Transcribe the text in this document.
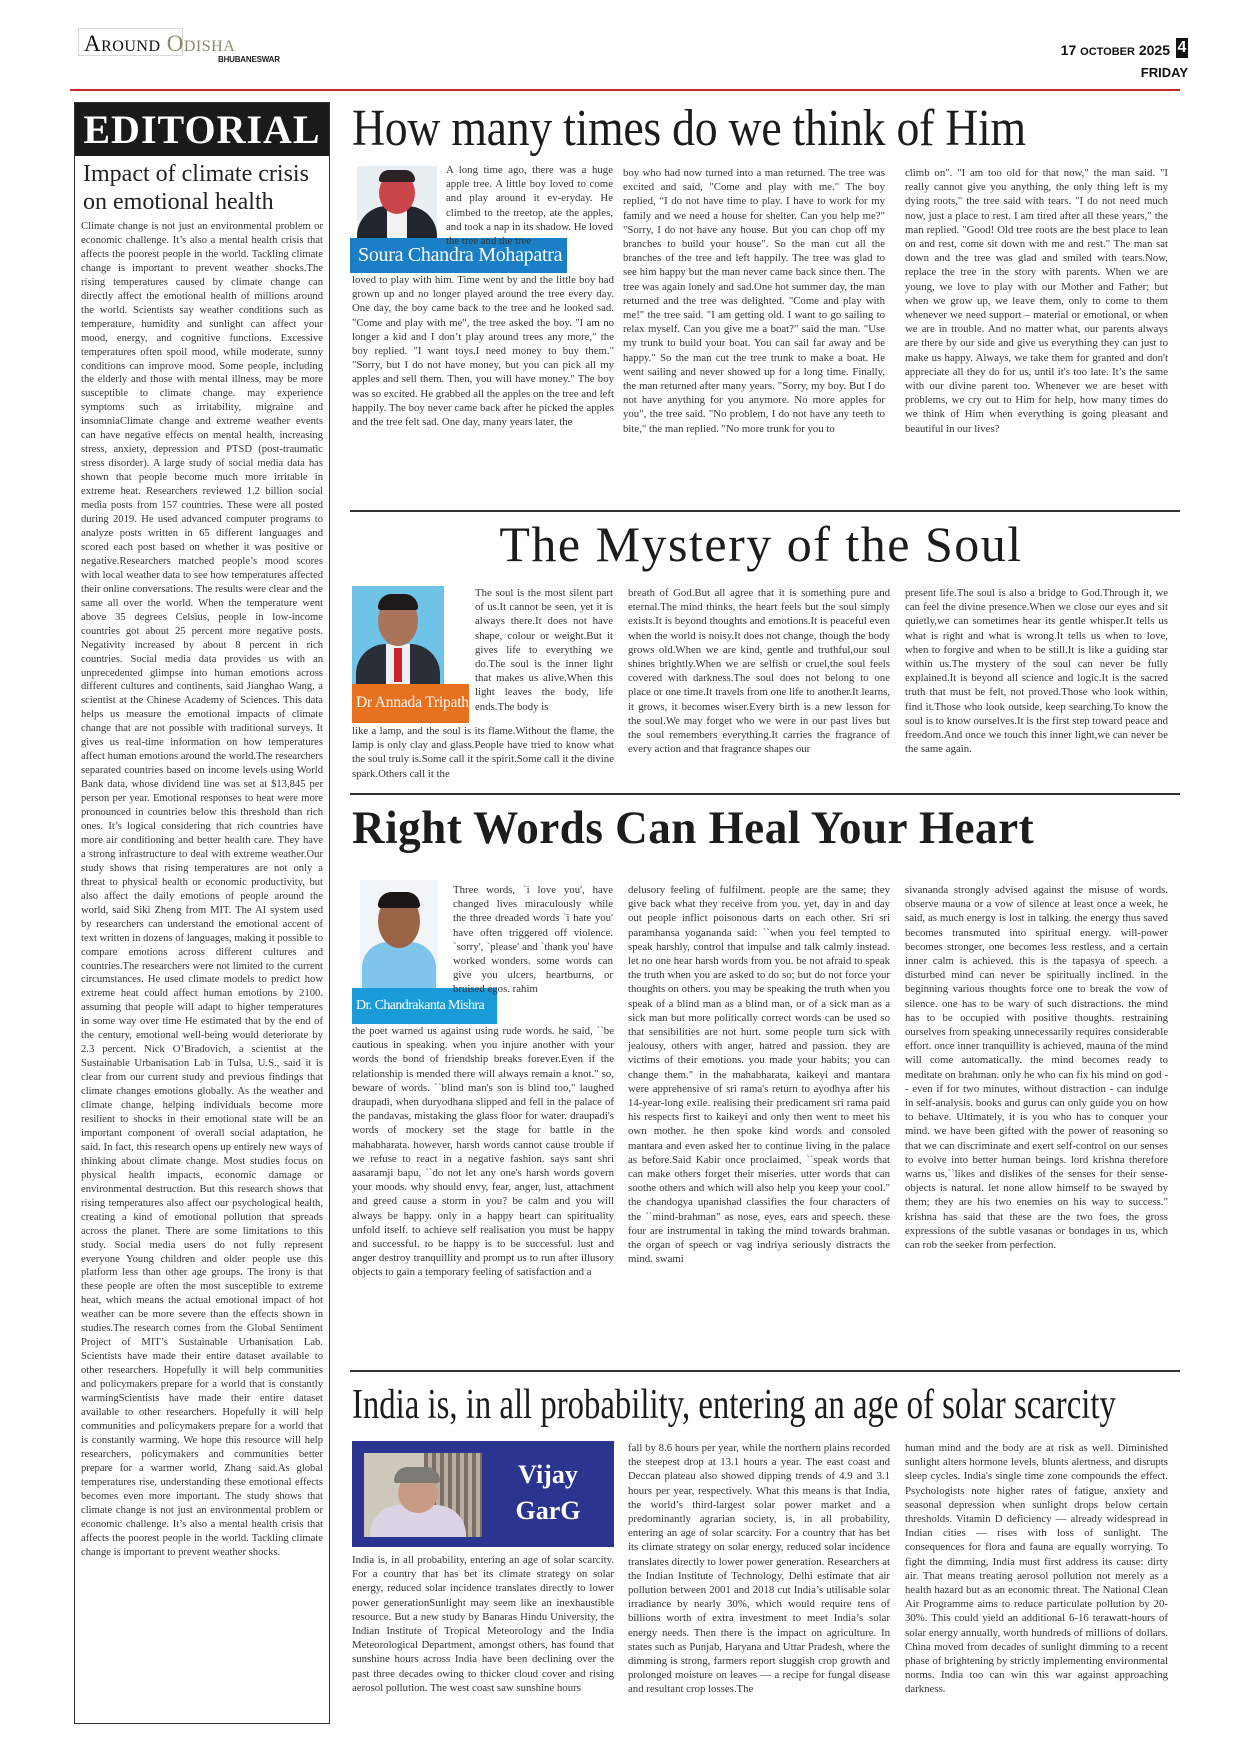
Around Odisha
BHUBANESWAR
17 OCTOBER 2025 4
FRIDAY
EDITORIAL
Impact of climate crisis on emotional health
Climate change is not just an environmental problem or economic challenge. It’s also a mental health crisis that affects the poorest people in the world. Tackling climate change is important to prevent weather shocks.The rising temperatures caused by climate change can directly affect the emotional health of millions around the world. Scientists say weather conditions such as temperature, humidity and sunlight can affect your mood, energy, and cognitive functions. Excessive temperatures often spoil mood, while moderate, sunny conditions can improve mood. Some people, including the elderly and those with mental illness, may be more susceptible to climate change. may experience symptoms such as irritability, migraine and insomniaClimate change and extreme weather events can have negative effects on mental health, increasing stress, anxiety, depression and PTSD (post-traumatic stress disorder). A large study of social media data has shown that people become much more irritable in extreme heat. Researchers reviewed 1.2 billion social media posts from 157 countries. These were all posted during 2019. He used advanced computer programs to analyze posts written in 65 different languages and scored each post based on whether it was positive or negative.Researchers matched people’s mood scores with local weather data to see how temperatures affected their online conversations. The results were clear and the same all over the world. When the temperature went above 35 degrees Celsius, people in low-income countries got about 25 percent more negative posts. Negativity increased by about 8 percent in rich countries. Social media data provides us with an unprecedented glimpse into human emotions across different cultures and continents, said Jianghao Wang, a scientist at the Chinese Academy of Sciences. This data helps us measure the emotional impacts of climate change that are not possible with traditional surveys. It gives us real-time information on how temperatures affect human emotions around the world.The researchers separated countries based on income levels using World Bank data, whose dividend line was set at $13,845 per person per year. Emotional responses to heat were more pronounced in countries below this threshold than rich ones. It’s logical considering that rich countries have more air conditioning and better health care. They have a strong infrastructure to deal with extreme weather.Our study shows that rising temperatures are not only a threat to physical health or economic productivity, but also affect the daily emotions of people around the world, said Siki Zheng from MIT. The AI system used by researchers can understand the emotional accent of text written in dozens of languages, making it possible to compare emotions across different cultures and countries.The researchers were not limited to the current circumstances. He used climate models to predict how extreme heat could affect human emotions by 2100. assuming that people will adapt to higher temperatures in some way over time He estimated that by the end of the century, emotional well-being would deteriorate by 2.3 percent. Nick O’Bradovich, a scientist at the Sustainable Urbanisation Lab in Tulsa, U.S., said it is clear from our current study and previous findings that climate changes emotions globally. As the weather and climate change, helping individuals become more resilient to shocks in their emotional state will be an important component of overall social adaptation, he said. In fact, this research opens up entirely new ways of thinking about climate change. Most studies focus on physical health impacts, economic damage or environmental destruction. But this research shows that rising temperatures also affect our psychological health, creating a kind of emotional pollution that spreads across the planet. There are some limitations to this study. Social media users do not fully represent everyone Young children and older people use this platform less than other age groups. The irony is that these people are often the most susceptible to extreme heat, which means the actual emotional impact of hot weather can be more severe than the effects shown in studies.The research comes from the Global Sentiment Project of MIT’s Sustainable Urbanisation Lab. Scientists have made their entire dataset available to other researchers. Hopefully it will help communities and policymakers prepare for a world that is constantly warmingScientists have made their entire dataset available to other researchers. Hopefully it will help communities and policymakers prepare for a world that is constantly warming. We hope this resource will help researchers, policymakers and communities better prepare for a warmer world, Zhang said.As global temperatures rise, understanding these emotional effects becomes even more important. The study shows that climate change is not just an environmental problem or economic challenge. It’s also a mental health crisis that affects the poorest people in the world. Tackling climate change is important to prevent weather shocks.
How many times do we think of Him
Soura Chandra Mohapatra

A long time ago, there was a huge apple tree. A little boy loved to come and play around it ev-eryday. He climbed to the treetop, ate the apples, and took a nap in its shadow. He loved the tree and the tree

loved to play with him. Time went by and the little boy had grown up and no longer played around the tree every day. One day, the boy came back to the tree and he looked sad. "Come and play with me", the tree asked the boy. "I am no longer a kid and I don’t play around trees any more," the boy replied. "I want toys.I need money to buy them." "Sorry, but I do not have money, but you can pick all my apples and sell them. Then, you will have money." The boy was so excited. He grabbed all the apples on the tree and left happily. The boy never came back after he picked the apples and the tree felt sad. One day, many years later, the

boy who had now turned into a man returned. The tree was excited and said, "Come and play with me." The boy replied, “I do not have time to play. I have to work for my family and we need a house for shelter. Can you help me?" "Sorry, I do not have any house. But you can chop off my branches to build your house". So the man cut all the branches of the tree and left happily. The tree was glad to see him happy but the man never came back since then. The tree was again lonely and sad.One hot summer day, the man returned and the tree was delighted. "Come and play with me!" the tree said. "I am getting old. I want to go sailing to relax myself. Can you give me a boat?" said the man. "Use my trunk to build your boat. You can sail far away and be happy." So the man cut the tree trunk to make a boat. He went sailing and never showed up for a long time. Finally, the man returned after many years. "Sorry, my boy. But I do not have anything for you anymore. No more apples for you", the tree said. "No problem, I do not have any teeth to bite," the man replied. "No more trunk for you to

climb on". "I am too old for that now," the man said. "I really cannot give you anything, the only thing left is my dying roots," the tree said with tears. "I do not need much now, just a place to rest. I am tired after all these years," the man replied. "Good! Old tree roots are the best place to lean on and rest, come sit down with me and rest." The man sat down and the tree was glad and smiled with tears.Now, replace the tree in the story with parents. When we are young, we love to play with our Mother and Father; but when we grow up, we leave them, only to come to them whenever we need support – material or emotional, or when we are in trouble. And no matter what, our parents always are there by our side and give us everything they can just to make us happy. Always, we take them for granted and don't appreciate all they do for us, until it's too late. It’s the same with our divine parent too. Whenever we are beset with problems, we cry out to Him for help, how many times do we think of Him when everything is going pleasant and beautiful in our lives?

The Mystery of the Soul
Dr Annada Tripathy

The soul is the most silent part of us.It cannot be seen, yet it is always there.It does not have shape, colour or weight.But it gives life to everything we do.The soul is the inner light that makes us alive.When this light leaves the body, life ends.The body is

like a lamp, and the soul is its flame.Without the flame, the lamp is only clay and glass.People have tried to know what the soul truly is.Some call it the spirit.Some call it the divine spark.Others call it the

breath of God.But all agree that it is something pure and eternal.The mind thinks, the heart feels but the soul simply exists.It is beyond thoughts and emotions.It is peaceful even when the world is noisy.It does not change, though the body grows old.When we are kind, gentle and truthful,our soul shines brightly.When we are selfish or cruel,the soul feels covered with darkness.The soul does not belong to one place or one time.It travels from one life to another.It learns, it grows, it becomes wiser.Every birth is a new lesson for the soul.We may forget who we were in our past lives but the soul remembers everything.It carries the fragrance of every action and that fragrance shapes our

present life.The soul is also a bridge to God.Through it, we can feel the divine presence.When we close our eyes and sit quietly,we can sometimes hear its gentle whisper.It tells us what is right and what is wrong.It tells us when to love, when to forgive and when to be still.It is like a guiding star within us.The mystery of the soul can never be fully explained.It is beyond all science and logic.It is the sacred truth that must be felt, not proved.Those who look within, find it.Those who look outside, keep searching.To know the soul is to know ourselves.It is the first step toward peace and freedom.And once we touch this inner light,we can never be the same again.

Right Words Can Heal Your Heart
Dr. Chandrakanta Mishra

Three words, `i love you', have changed lives miraculously while the three dreaded words `i hate you' have often triggered off violence. `sorry', `please' and `thank you' have worked wonders. some words can give you ulcers, heartburns, or bruised egos. rahim

the poet warned us against using rude words. he said, ``be cautious in speaking. when you injure another with your words the bond of friendship breaks forever.Even if the relationship is mended there will always remain a knot." so, beware of words. ``blind man's son is blind too," laughed draupadi, when duryodhana slipped and fell in the palace of the pandavas, mistaking the glass floor for water. draupadi's words of mockery set the stage for battle in the mahabharata. however, harsh words cannot cause trouble if we refuse to react in a negative fashion. says sant shri aasaramji bapu, ``do not let any one's harsh words govern your moods. why should envy, fear, anger, lust, attachment and greed cause a storm in you? be calm and you will always be happy. only in a happy heart can spirituality unfold itself. to achieve self realisation you must be happy and successful. to be happy is to be successful. lust and anger destroy tranquillity and prompt us to run after illusory objects to gain a temporary feeling of satisfaction and a

delusory feeling of fulfilment. people are the same; they give back what they receive from you. yet, day in and day out people inflict poisonous darts on each other. Sri sri paramhansa yogananda said: ``when you feel tempted to speak harshly, control that impulse and talk calmly instead. let no one hear harsh words from you. be not afraid to speak the truth when you are asked to do so; but do not force your thoughts on others. you may be speaking the truth when you speak of a blind man as a blind man, or of a sick man as a sick man but more politically correct words can be used so that sensibilities are not hurt. some people turn sick with jealousy, others with anger, hatred and passion. they are victims of their emotions. you made your habits; you can change them." in the mahabharata, kaikeyi and mantara were apprehensive of sri rama's return to ayodhya after his 14-year-long exile. realising their predicament sri rama paid his respects first to kaikeyi and only then went to meet his own mother. he then spoke kind words and consoled mantara and even asked her to continue living in the palace as before.Said Kabir once proclaimed, ``speak words that can make others forget their miseries. utter words that can soothe others and which will also help you keep your cool." the chandogya upanishad classifies the four characters of the ``mind-brahman" as nose, eyes, ears and speech. these four are instrumental in taking the mind towards brahman. the organ of speech or vag indriya seriously distracts the mind. swami

sivananda strongly advised against the misuse of words. observe mauna or a vow of silence at least once a week, he said, as much energy is lost in talking. the energy thus saved becomes transmuted into spiritual energy. will-power becomes stronger, one becomes less restless, and a certain inner calm is achieved. this is the tapasya of speech. a disturbed mind can never be spiritually inclined. in the beginning various thoughts force one to break the vow of silence. one has to be wary of such distractions. the mind has to be occupied with positive thoughts. restraining ourselves from speaking unnecessarily requires considerable effort. once inner tranquillity is achieved, mauna of the mind will come automatically. the mind becomes ready to meditate on brahman. only he who can fix his mind on god -- even if for two minutes, without distraction - can indulge in self-analysis. books and gurus can only guide you on how to behave. Ultimately, it is you who has to conquer your mind. we have been gifted with the power of reasoning so that we can discriminate and exert self-control on our senses to evolve into better human beings. lord krishna therefore warns us,``likes and dislikes of the senses for their sense-objects is natural. let none allow himself to be swayed by them; they are his two enemies on his way to success." krishna has said that these are the two foes, the gross expressions of the subtle vasanas or bondages in us, which can rob the seeker from perfection.

India is, in all probability, entering an age of solar scarcity
Vijay
GarG

India is, in all probability, entering an age of solar scarcity. For a country that has bet its climate strategy on solar energy, reduced solar incidence translates directly to lower power generationSunlight may seem like an inexhaustible resource. But a new study by Banaras Hindu University, the Indian Institute of Tropical Meteorology and the India Meteorological Department, amongst others, has found that sunshine hours across India have been declining over the past three decades owing to thicker cloud cover and rising aerosol pollution. The west coast saw sunshine hours

fall by 8.6 hours per year, while the northern plains recorded the steepest drop at 13.1 hours a year. The east coast and Deccan plateau also showed dipping trends of 4.9 and 3.1 hours per year, respectively. What this means is that India, the world’s third-largest solar power market and a predominantly agrarian society, is, in all probability, entering an age of solar scarcity. For a country that has bet its climate strategy on solar energy, reduced solar incidence translates directly to lower power generation. Researchers at the Indian Institute of Technology, Delhi estimate that air pollution between 2001 and 2018 cut India’s utilisable solar irradiance by nearly 30%, which would require tens of billions worth of extra investment to meet India’s solar energy needs. Then there is the impact on agriculture. In states such as Punjab, Haryana and Uttar Pradesh, where the dimming is strong, farmers report sluggish crop growth and prolonged moisture on leaves — a recipe for fungal disease and resultant crop losses.The

human mind and the body are at risk as well. Diminished sunlight alters hormone levels, blunts alertness, and disrupts sleep cycles. India's single time zone compounds the effect. Psychologists note higher rates of fatigue, anxiety and seasonal depression when sunlight drops below certain thresholds. Vitamin D deficiency — already widespread in Indian cities — rises with loss of sunlight. The consequences for flora and fauna are equally worrying. To fight the dimming, India must first address its cause: dirty air. That means treating aerosol pollution not merely as a health hazard but as an economic threat. The National Clean Air Programme aims to reduce particulate pollution by 20-30%. This could yield an additional 6-16 terawatt-hours of solar energy annually, worth hundreds of millions of dollars. China moved from decades of sunlight dimming to a recent phase of brightening by strictly implementing environmental norms. India too can win this war against approaching darkness.
